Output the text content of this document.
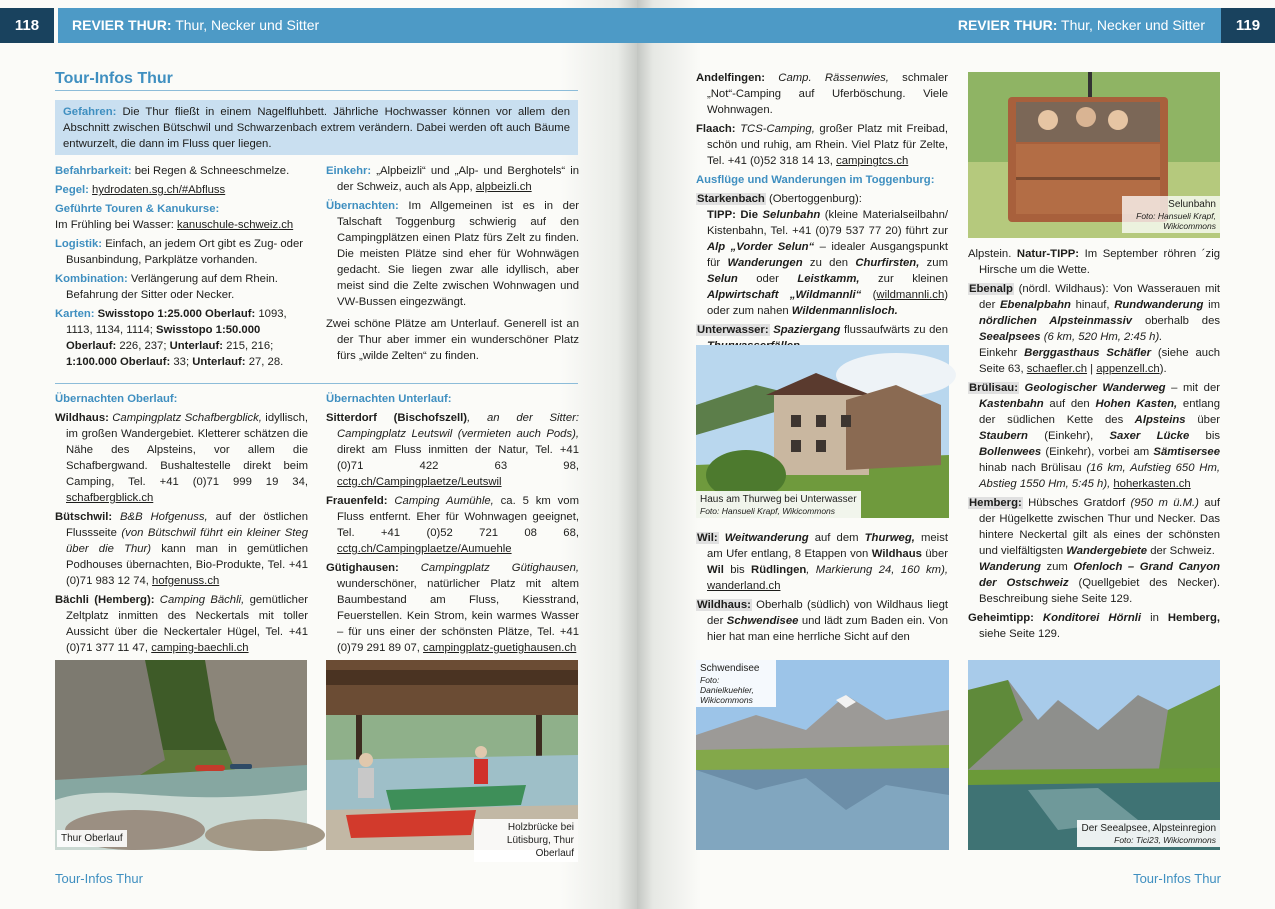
118	REVIER THUR: Thur, Necker und Sitter
Tour-Infos Thur
Gefahren: Die Thur fließt in einem Nagelfluhbett. Jährliche Hochwasser können vor allem den Abschnitt zwischen Bütschwil und Schwarzenbach extrem verändern. Dabei werden oft auch Bäume entwurzelt, die dann im Fluss quer liegen.

Befahrbarkeit: bei Regen & Schneeschmelze.

Pegel: hydrodaten.sg.ch/#Abfluss

Geführte Touren & Kanukurse:
Im Frühling bei Wasser: kanuschule-schweiz.ch

Logistik: Einfach, an jedem Ort gibt es Zug- oder Busanbindung, Parkplätze vorhanden.

Kombination: Verlängerung auf dem Rhein. Befahrung der Sitter oder Necker.

Karten: Swisstopo 1:25.000 Oberlauf: 1093, 1113, 1134, 1114; Swisstopo 1:50.000 Oberlauf: 226, 237; Unterlauf: 215, 216; 1:100.000 Oberlauf: 33; Unterlauf: 27, 28.

Einkehr: „Alpbeizli“ und „Alp- und Berghotels“ in der Schweiz, auch als App, alpbeizli.ch

Übernachten: Im Allgemeinen ist es in der Talschaft Toggenburg schwierig auf den Campingplätzen einen Platz fürs Zelt zu finden. Die meisten Plätze sind eher für Wohnwägen gedacht. Sie liegen zwar alle idyllisch, aber meist sind die Zelte zwischen Wohnwagen und VW-Bussen eingezwängt.

Zwei schöne Plätze am Unterlauf. Generell ist an der Thur aber immer ein wunderschöner Platz fürs „wilde Zelten“ zu finden.

Übernachten Oberlauf:

Wildhaus: Campingplatz Schafbergblick, idyllisch, im großen Wandergebiet. Kletterer schätzen die Nähe des Alpsteins, vor allem die Schafbergwand. Bushaltestelle direkt beim Camping, Tel. +41 (0)71 999 19 34, schafbergblick.ch

Bütschwil: B&B Hofgenuss, auf der östlichen Flussseite (von Bütschwil führt ein kleiner Steg über die Thur) kann man in gemütlichen Podhouses übernachten, Bio-Produkte, Tel. +41 (0)71 983 12 74, hofgenuss.ch

Bächli (Hemberg): Camping Bächli, gemütlicher Zeltplatz inmitten des Neckertals mit toller Aussicht über die Neckertaler Hügel, Tel. +41 (0)71 377 11 47, camping-baechli.ch

Übernachten Unterlauf:

Sitterdorf (Bischofszell), an der Sitter: Campingplatz Leutswil (vermieten auch Pods), direkt am Fluss inmitten der Natur, Tel. +41 (0)71 422 63 98, cctg.ch/Campingplaetze/Leutswil

Frauenfeld: Camping Aumühle, ca. 5 km vom Fluss entfernt. Eher für Wohnwagen geeignet, Tel. +41 (0)52 721 08 68, cctg.ch/Campingplaetze/Aumuehle

Gütighausen: Campingplatz Gütighausen, wunderschöner, natürlicher Platz mit altem Baumbestand am Fluss, Kiesstrand, Feuerstellen. Kein Strom, kein warmes Wasser – für uns einer der schönsten Plätze, Tel. +41 (0)79 291 89 07, campingplatz-guetighausen.ch

Thur Oberlauf
Holzbrücke bei Lütisburg, Thur Oberlauf
Tour-Infos Thur
REVIER THUR: Thur, Necker und Sitter	119

Andelfingen: Camp. Rässenwies, schmaler „Not“-Camping auf Uferböschung. Viele Wohnwagen.

Flaach: TCS-Camping, großer Platz mit Freibad, schön und ruhig, am Rhein. Viel Platz für Zelte, Tel. +41 (0)52 318 14 13, campingtcs.ch

Ausflüge und Wanderungen im Toggenburg:

Starkenbach (Obertoggenburg):
TIPP: Die Selunbahn (kleine Materialseilbahn/ Kistenbahn, Tel. +41 (0)79 537 77 20) führt zur Alp „Vorder Selun“ – idealer Ausgangspunkt für Wanderungen zu den Churfirsten, zum Selun oder Leistkamm, zur kleinen Alpwirtschaft „Wildmannli“ (wildmannli.ch) oder zum nahen Wildenmannlisloch.

Unterwasser: Spaziergang flussaufwärts zu den

Haus am Thurweg bei Unterwasser
Foto: Hansueli Krapf, Wikicommons

Wil: Weitwanderung auf dem Thurweg, meist am Ufer entlang, 8 Etappen von Wildhaus über Wil bis Rüdlingen, Markierung 24, 160 km), wanderland.ch

Wildhaus: Oberhalb (südlich) von Wildhaus liegt der Schwendisee und lädt zum Baden ein. Von hier hat man eine herrliche Sicht auf den

Schwendisee
Foto: Danielkuehler, Wikicommons
Selunbahn
Foto: Hansueli Krapf, Wikicommons

Alpstein. Natur-TIPP: Im September röhren ´zig Hirsche um die Wette.

Ebenalp (nördl. Wildhaus): Von Wasserauen mit der Ebenalpbahn hinauf, Rundwanderung im nördlichen Alpsteinmassiv oberhalb des Seealpsees (6 km, 520 Hm, 2:45 h).
Einkehr Berggasthaus Schäfler (siehe auch Seite 63, schaefler.ch | appenzell.ch).

Brülisau: Geologischer Wanderweg – mit der Kastenbahn auf den Hohen Kasten, entlang der südlichen Kette des Alpsteins über Staubern (Einkehr), Saxer Lücke bis Bollenwees (Einkehr), vorbei am Sämtisersee hinab nach Brülisau (16 km, Aufstieg 650 Hm, Abstieg 1550 Hm, 5:45 h), hoherkasten.ch

Hemberg: Hübsches Gratdorf (950 m ü.M.) auf der Hügelkette zwischen Thur und Necker. Das hintere Neckertal gilt als eines der schönsten und vielfältigsten Wandergebiete der Schweiz.
Wanderung zum Ofenloch – Grand Canyon der Ostschweiz (Quellgebiet des Necker). Beschreibung siehe Seite 129.

Geheimtipp: Konditorei Hörnli in Hemberg, siehe Seite 129.

Der Seealpsee, Alpsteinregion
Foto: Tici23, Wikicommons
Tour-Infos Thur
